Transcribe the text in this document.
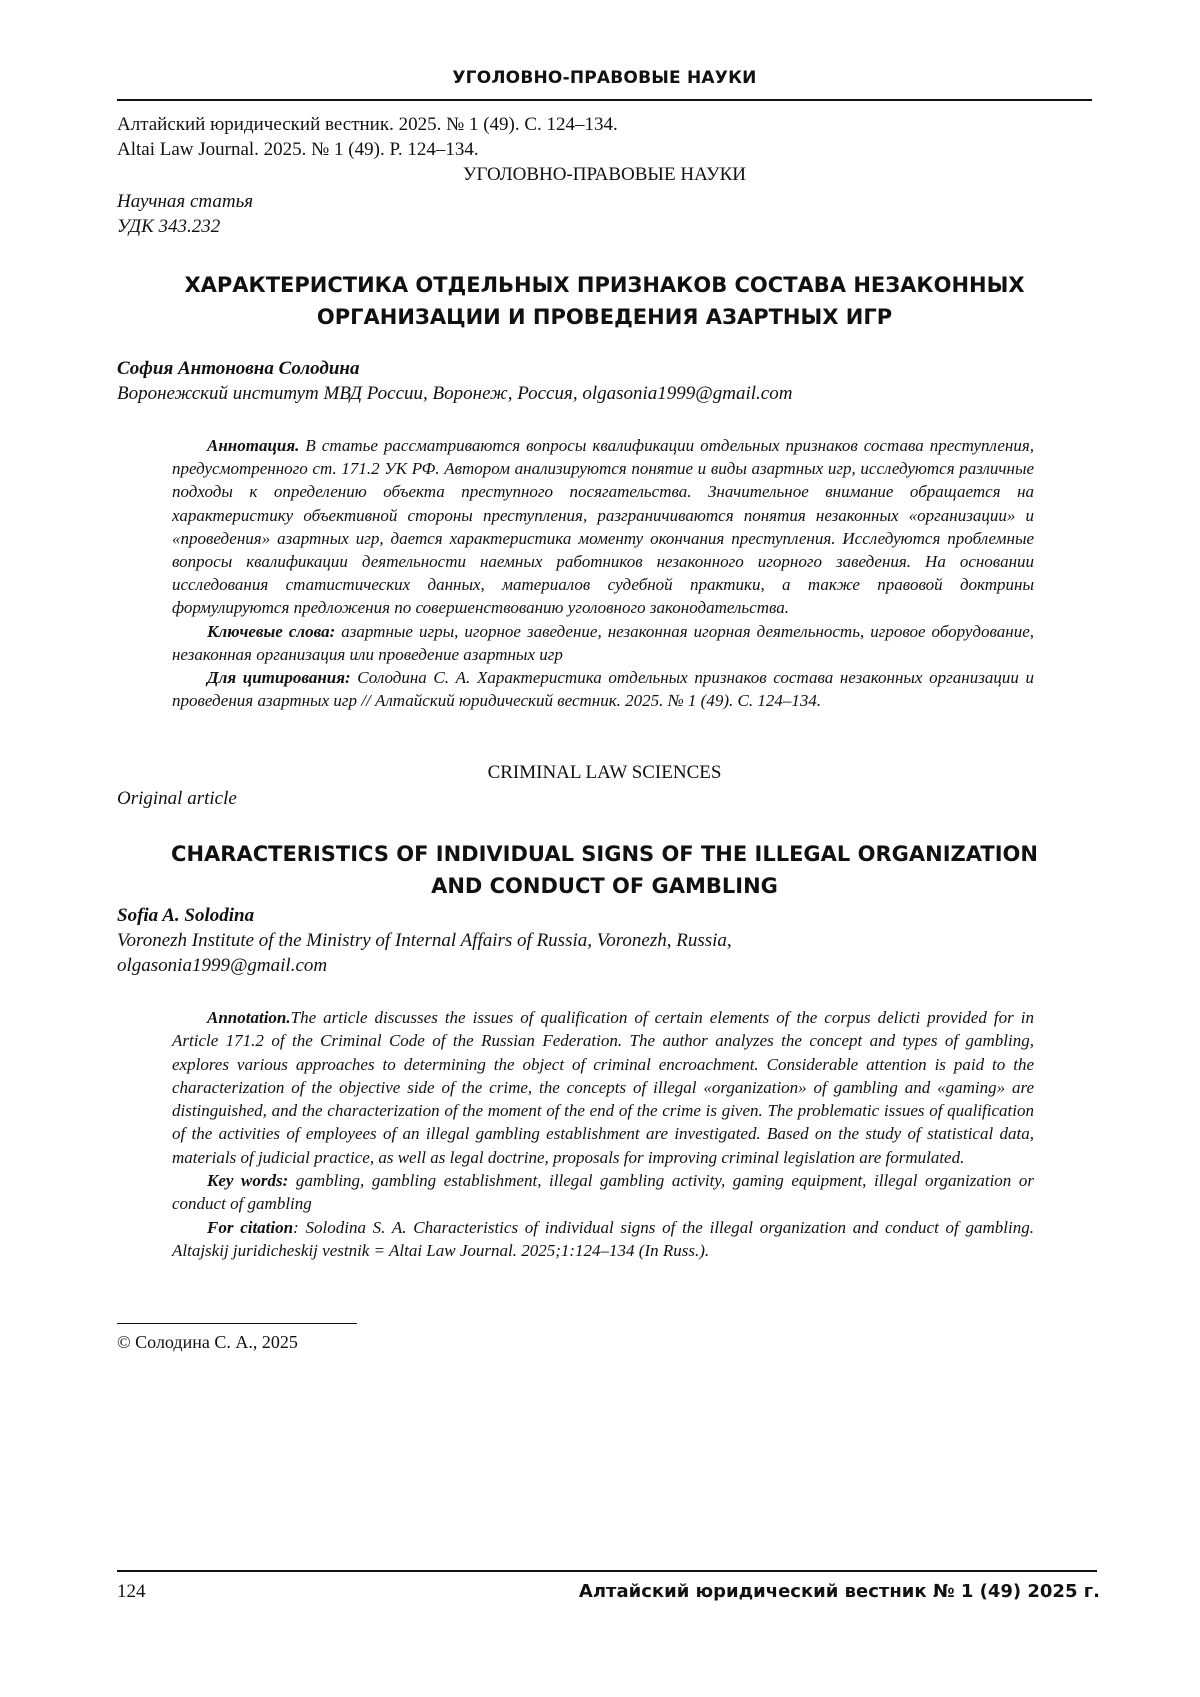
УГОЛОВНО-ПРАВОВЫЕ НАУКИ
Алтайский юридический вестник. 2025. № 1 (49). С. 124–134.
Altai Law Journal. 2025. № 1 (49). P. 124–134.
УГОЛОВНО-ПРАВОВЫЕ НАУКИ
Научная статья
УДК 343.232
ХАРАКТЕРИСТИКА ОТДЕЛЬНЫХ ПРИЗНАКОВ СОСТАВА НЕЗАКОННЫХ
ОРГАНИЗАЦИИ И ПРОВЕДЕНИЯ АЗАРТНЫХ ИГР
София Антоновна Солодина
Воронежский институт МВД России, Воронеж, Россия, olgasonia1999@gmail.com
Аннотация. В статье рассматриваются вопросы квалификации отдельных признаков состава преступления, предусмотренного ст. 171.2 УК РФ. Автором анализируются понятие и виды азартных игр, исследуются различные подходы к определению объекта преступного посягательства. Значительное внимание обращается на характеристику объективной стороны преступления, разграничиваются понятия незаконных «организации» и «проведения» азартных игр, дается характеристика моменту окончания преступления. Исследуются проблемные вопросы квалификации деятельности наемных работников незаконного игорного заведения. На основании исследования статистических данных, материалов судебной практики, а также правовой доктрины формулируются предложения по совершенствованию уголовного законодательства.
Ключевые слова: азартные игры, игорное заведение, незаконная игорная деятельность, игровое оборудование, незаконная организация или проведение азартных игр
Для цитирования: Солодина С. А. Характеристика отдельных признаков состава незаконных организации и проведения азартных игр // Алтайский юридический вестник. 2025. № 1 (49). С. 124–134.
CRIMINAL LAW SCIENCES
Original article
CHARACTERISTICS OF INDIVIDUAL SIGNS OF THE ILLEGAL ORGANIZATION
AND CONDUCT OF GAMBLING
Sofia A. Solodina
Voronezh Institute of the Ministry of Internal Affairs of Russia, Voronezh, Russia,
olgasonia1999@gmail.com
Annotation.The article discusses the issues of qualification of certain elements of the corpus delicti provided for in Article 171.2 of the Criminal Code of the Russian Federation. The author analyzes the concept and types of gambling, explores various approaches to determining the object of criminal encroachment. Considerable attention is paid to the characterization of the objective side of the crime, the concepts of illegal «organization» of gambling and «gaming» are distinguished, and the characterization of the moment of the end of the crime is given. The problematic issues of qualification of the activities of employees of an illegal gambling establishment are investigated. Based on the study of statistical data, materials of judicial practice, as well as legal doctrine, proposals for improving criminal legislation are formulated.
Key words: gambling, gambling establishment, illegal gambling activity, gaming equipment, illegal organization or conduct of gambling
For citation: Solodina S. A. Characteristics of individual signs of the illegal organization and conduct of gambling. Altajskij juridicheskij vestnik = Altai Law Journal. 2025;1:124–134 (In Russ.).
© Солодина С. А., 2025
124	Алтайский юридический вестник № 1 (49) 2025 г.
